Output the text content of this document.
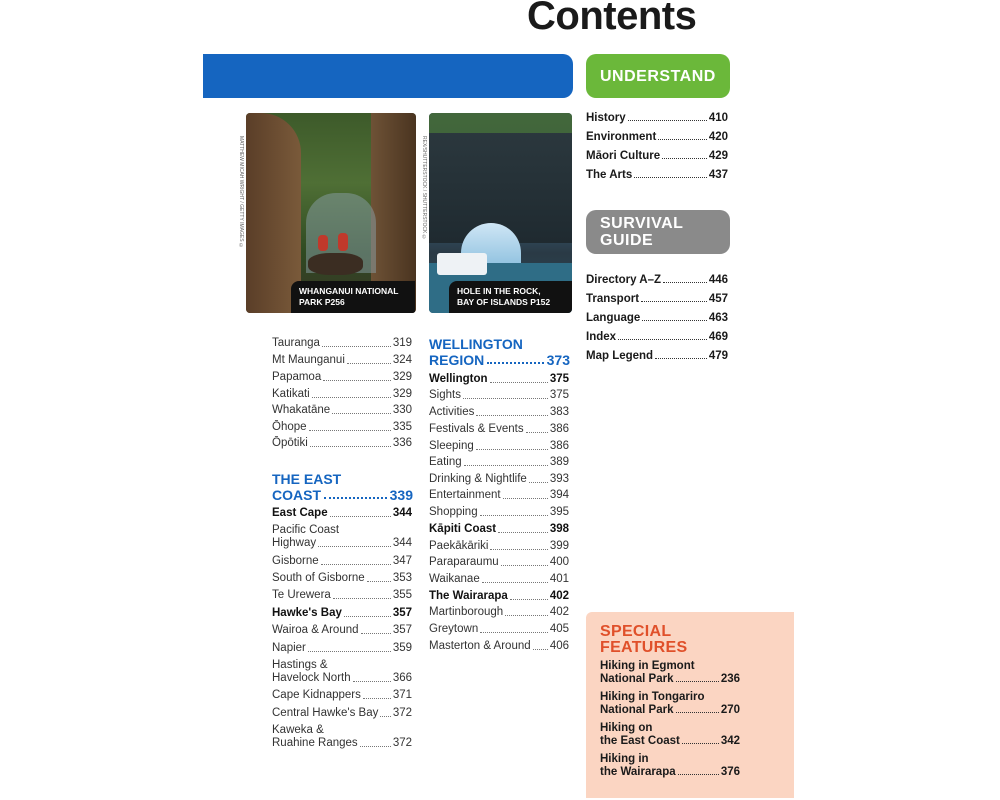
Contents
WHANGANUI NATIONAL
PARK P256
MATTHEW MICAH WRIGHT / GETTY IMAGES ©
HOLE IN THE ROCK,
BAY OF ISLANDS P152
REX/SHUTTERSTOCK / SHUTTERSTOCK ©
Tauranga	319
Mt Maunganui	324
Papamoa	329
Katikati	329
Whakatāne	330
Ōhope	335
Ōpōtiki	336
THE EAST
COAST	339
East Cape	344
Pacific Coast
Highway	344
Gisborne	347
South of Gisborne 353
Te Urewera	355
Hawke's Bay	357
Wairoa & Around	357
Napier	359
Hastings &
Havelock North	366
Cape Kidnappers	371
Central Hawke's Bay 372
Kaweka &
Ruahine Ranges	372
WELLINGTON
REGION	373
Wellington	375
Sights	375
Activities	383
Festivals & Events 386
Sleeping	386
Eating	389
Drinking & Nightlife 393
Entertainment	394
Shopping	395
Kāpiti Coast	398
Paekākāriki	399
Paraparaumu	400
Waikanae	401
The Wairarapa	402
Martinborough	402
Greytown	405
Masterton & Around 406
UNDERSTAND
History	410
Environment	420
Māori Culture	429
The Arts	437
SURVIVAL
GUIDE
Directory A–Z	446
Transport	457
Language	463
Index	469
Map Legend	479
SPECIAL
FEATURES
Hiking in Egmont
National Park	236
Hiking in Tongariro
National Park	270
Hiking on
the East Coast	342
Hiking in
the Wairarapa	376
